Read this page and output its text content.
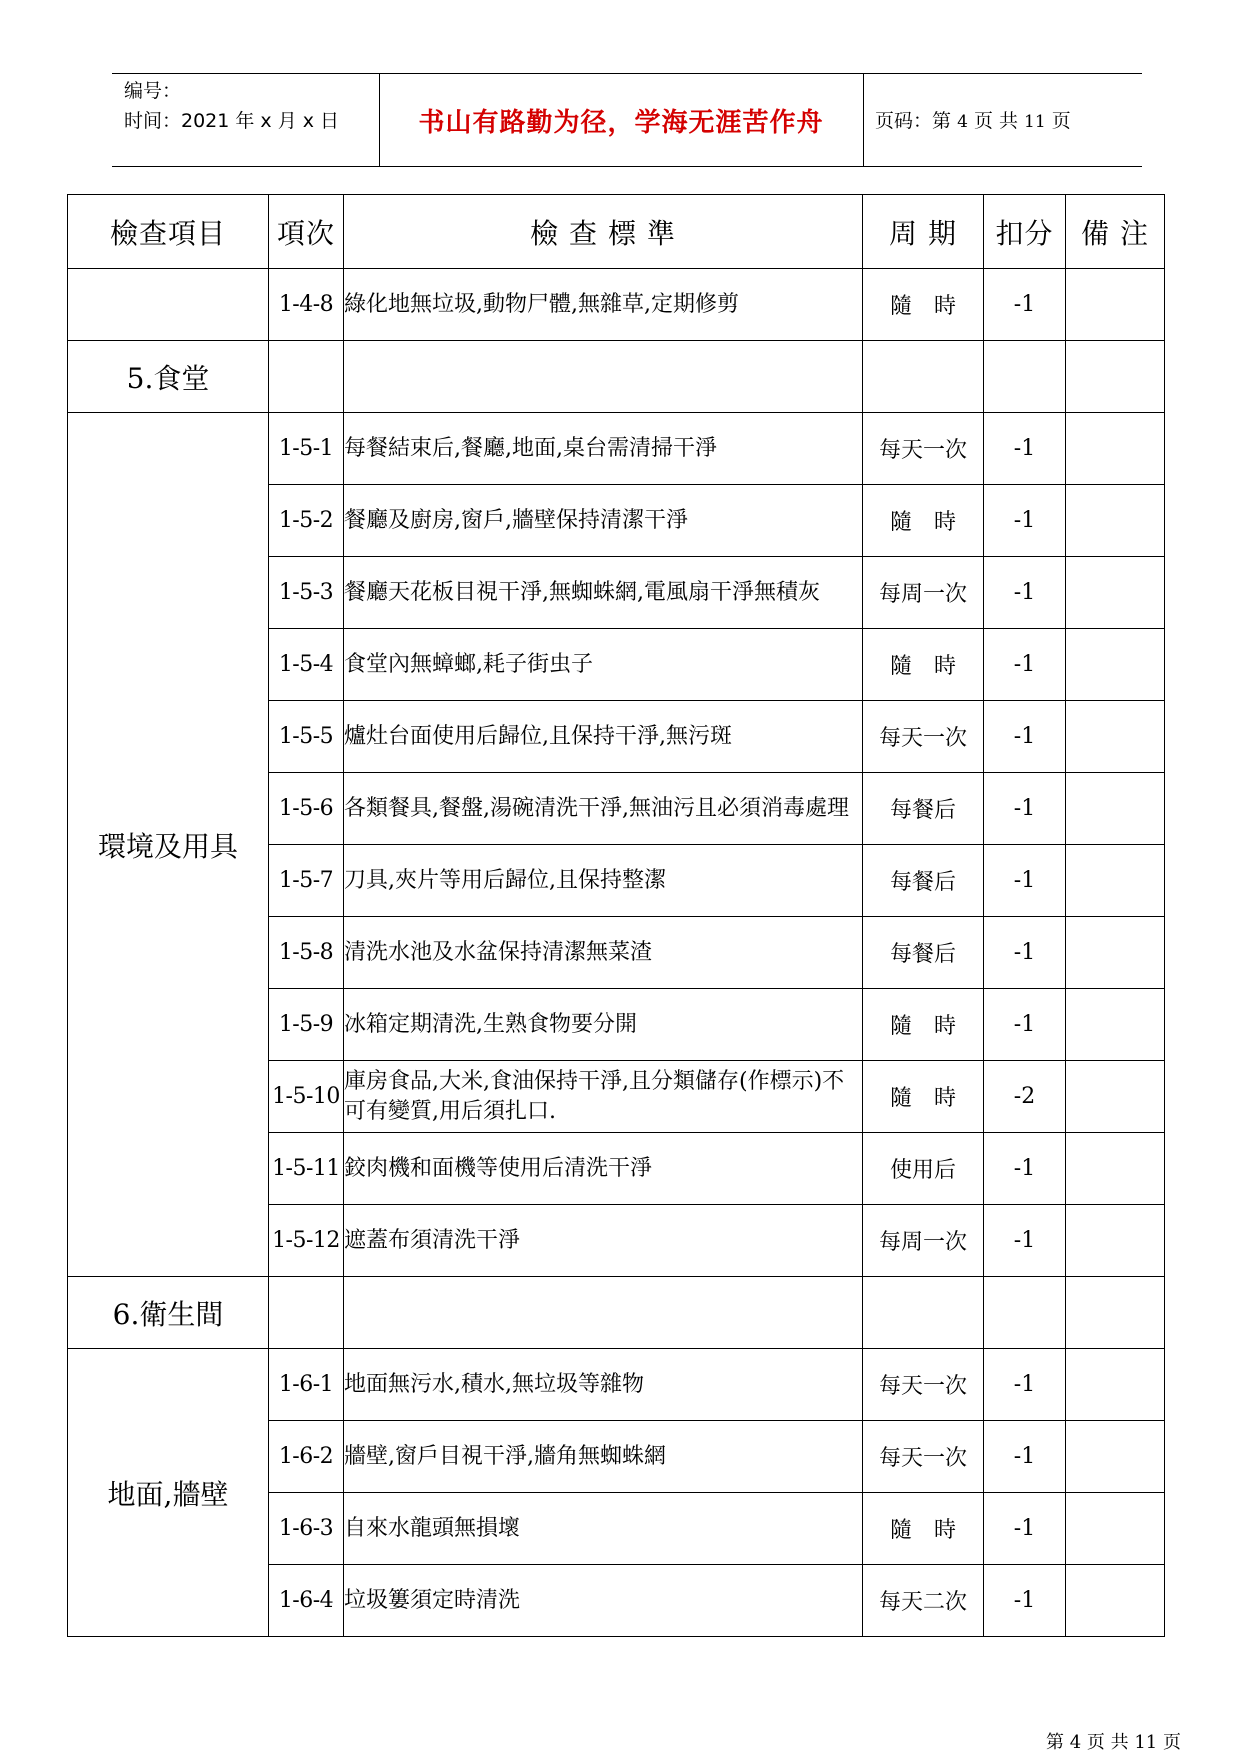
编号：
时间：2021 年 x 月 x 日	书山有路勤为径，学海无涯苦作舟	页码：第 4 页 共 11 页
檢查項目	項次	檢 查 標 準	周 期	扣分	備 注
	1-4-8	綠化地無垃圾,動物尸體,無雜草,定期修剪	隨　時	-1	
5.食堂					
環境及用具	1-5-1	每餐結束后,餐廳,地面,桌台需清掃干淨	每天一次	-1	
	1-5-2	餐廳及廚房,窗戶,牆壁保持清潔干淨	隨　時	-1	
	1-5-3	餐廳天花板目視干淨,無蜘蛛網,電風扇干淨無積灰	每周一次	-1	
	1-5-4	食堂內無蟑螂,耗子街虫子	隨　時	-1	
	1-5-5	爐灶台面使用后歸位,且保持干淨,無污斑	每天一次	-1	
	1-5-6	各類餐具,餐盤,湯碗清洗干淨,無油污且必須消毒處理	每餐后	-1	
	1-5-7	刀具,夾片等用后歸位,且保持整潔	每餐后	-1	
	1-5-8	清洗水池及水盆保持清潔無菜渣	每餐后	-1	
	1-5-9	冰箱定期清洗,生熟食物要分開	隨　時	-1	
	1-5-10	庫房食品,大米,食油保持干淨,且分類儲存(作標示)不可有變質,用后須扎口.	隨　時	-2	
	1-5-11	鉸肉機和面機等使用后清洗干淨	使用后	-1	
	1-5-12	遮蓋布須清洗干淨	每周一次	-1	
6.衛生間					
地面,牆壁	1-6-1	地面無污水,積水,無垃圾等雜物	每天一次	-1	
	1-6-2	牆壁,窗戶目視干淨,牆角無蜘蛛網	每天一次	-1	
	1-6-3	自來水龍頭無損壞	隨　時	-1	
	1-6-4	垃圾簍須定時清洗	每天二次	-1	
第 4 页 共 11 页
